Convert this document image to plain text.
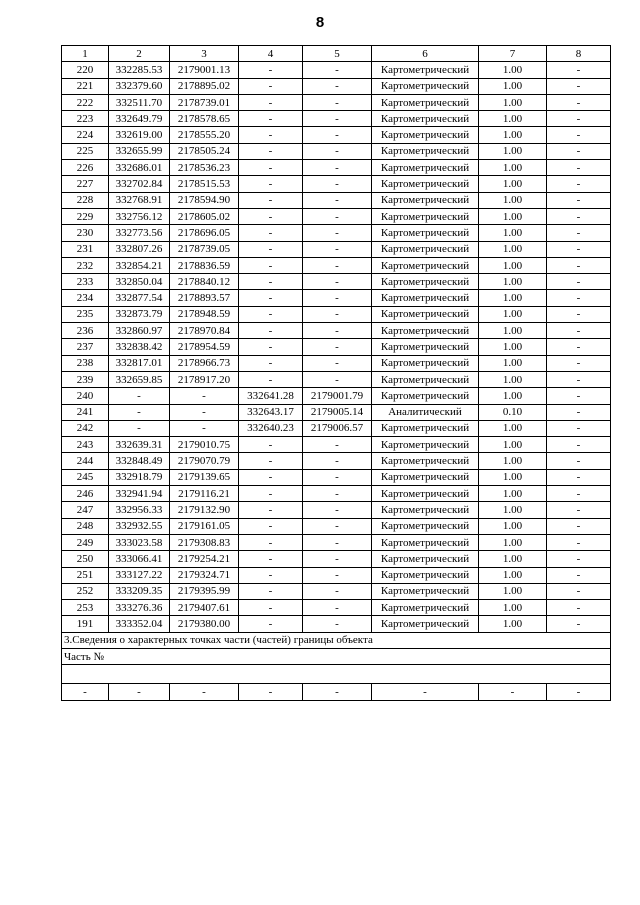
8
1	2	3	4	5	6	7	8
220	332285.53	2179001.13	-	-	Картометрический	1.00	-
221	332379.60	2178895.02	-	-	Картометрический	1.00	-
222	332511.70	2178739.01	-	-	Картометрический	1.00	-
223	332649.79	2178578.65	-	-	Картометрический	1.00	-
224	332619.00	2178555.20	-	-	Картометрический	1.00	-
225	332655.99	2178505.24	-	-	Картометрический	1.00	-
226	332686.01	2178536.23	-	-	Картометрический	1.00	-
227	332702.84	2178515.53	-	-	Картометрический	1.00	-
228	332768.91	2178594.90	-	-	Картометрический	1.00	-
229	332756.12	2178605.02	-	-	Картометрический	1.00	-
230	332773.56	2178696.05	-	-	Картометрический	1.00	-
231	332807.26	2178739.05	-	-	Картометрический	1.00	-
232	332854.21	2178836.59	-	-	Картометрический	1.00	-
233	332850.04	2178840.12	-	-	Картометрический	1.00	-
234	332877.54	2178893.57	-	-	Картометрический	1.00	-
235	332873.79	2178948.59	-	-	Картометрический	1.00	-
236	332860.97	2178970.84	-	-	Картометрический	1.00	-
237	332838.42	2178954.59	-	-	Картометрический	1.00	-
238	332817.01	2178966.73	-	-	Картометрический	1.00	-
239	332659.85	2178917.20	-	-	Картометрический	1.00	-
240	-	-	332641.28	2179001.79	Картометрический	1.00	-
241	-	-	332643.17	2179005.14	Аналитический	0.10	-
242	-	-	332640.23	2179006.57	Картометрический	1.00	-
243	332639.31	2179010.75	-	-	Картометрический	1.00	-
244	332848.49	2179070.79	-	-	Картометрический	1.00	-
245	332918.79	2179139.65	-	-	Картометрический	1.00	-
246	332941.94	2179116.21	-	-	Картометрический	1.00	-
247	332956.33	2179132.90	-	-	Картометрический	1.00	-
248	332932.55	2179161.05	-	-	Картометрический	1.00	-
249	333023.58	2179308.83	-	-	Картометрический	1.00	-
250	333066.41	2179254.21	-	-	Картометрический	1.00	-
251	333127.22	2179324.71	-	-	Картометрический	1.00	-
252	333209.35	2179395.99	-	-	Картометрический	1.00	-
253	333276.36	2179407.61	-	-	Картометрический	1.00	-
191	333352.04	2179380.00	-	-	Картометрический	1.00	-
3.Сведения о характерных точках части (частей) границы объекта							
Часть №							

-	-	-	-	-	-	-	-
